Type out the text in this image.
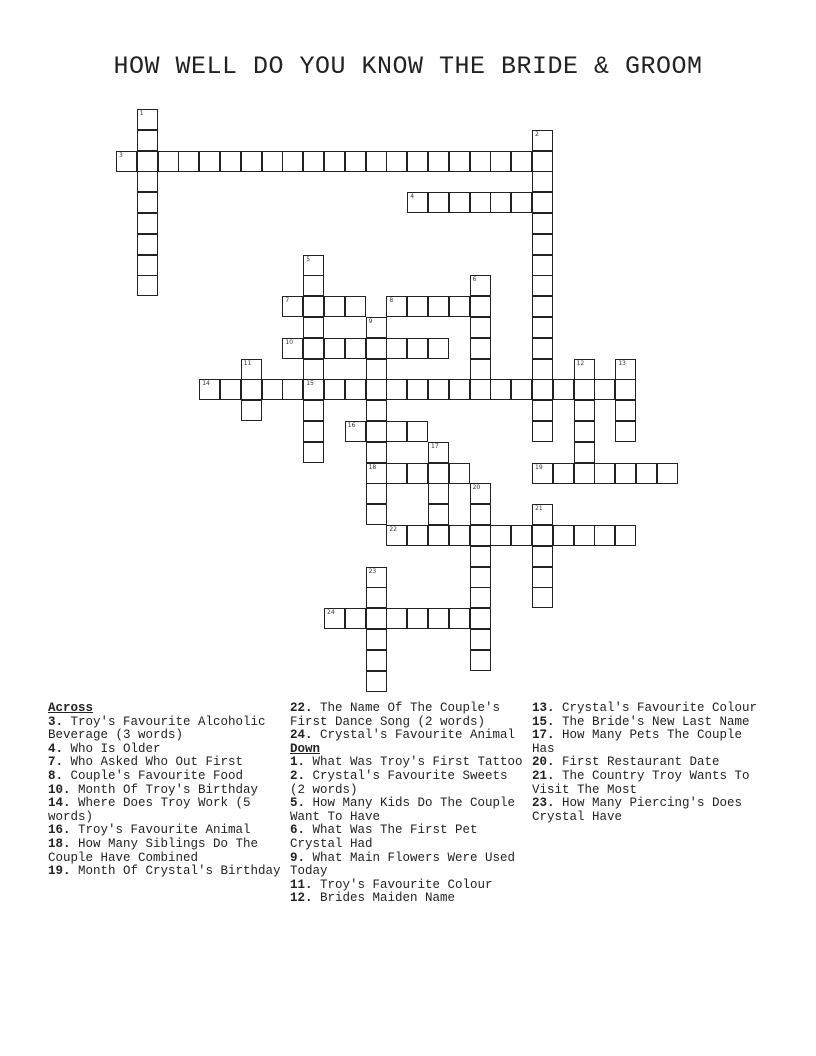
HOW WELL DO YOU KNOW THE BRIDE & GROOM
1
2
3
4
5
15
6
7	8
9
18
10
11	12	13
14
16
17
19
20
21
22
23
24
Across
3. Troy's Favourite Alcoholic Beverage (3 words)
4. Who Is Older
7. Who Asked Who Out First
8. Couple's Favourite Food
10. Month Of Troy's Birthday
14. Where Does Troy Work (5 words)
16. Troy's Favourite Animal
18. How Many Siblings Do The Couple Have Combined
19. Month Of Crystal's Birthday
22. The Name Of The Couple's First Dance Song (2 words)
24. Crystal's Favourite Animal
Down
1. What Was Troy's First Tattoo
2. Crystal's Favourite Sweets (2 words)
5. How Many Kids Do The Couple Want To Have
6. What Was The First Pet Crystal Had
9. What Main Flowers Were Used Today
11. Troy's Favourite Colour
12. Brides Maiden Name
13. Crystal's Favourite Colour
15. The Bride's New Last Name
17. How Many Pets The Couple Has
20. First Restaurant Date
21. The Country Troy Wants To Visit The Most
23. How Many Piercing's Does Crystal Have
